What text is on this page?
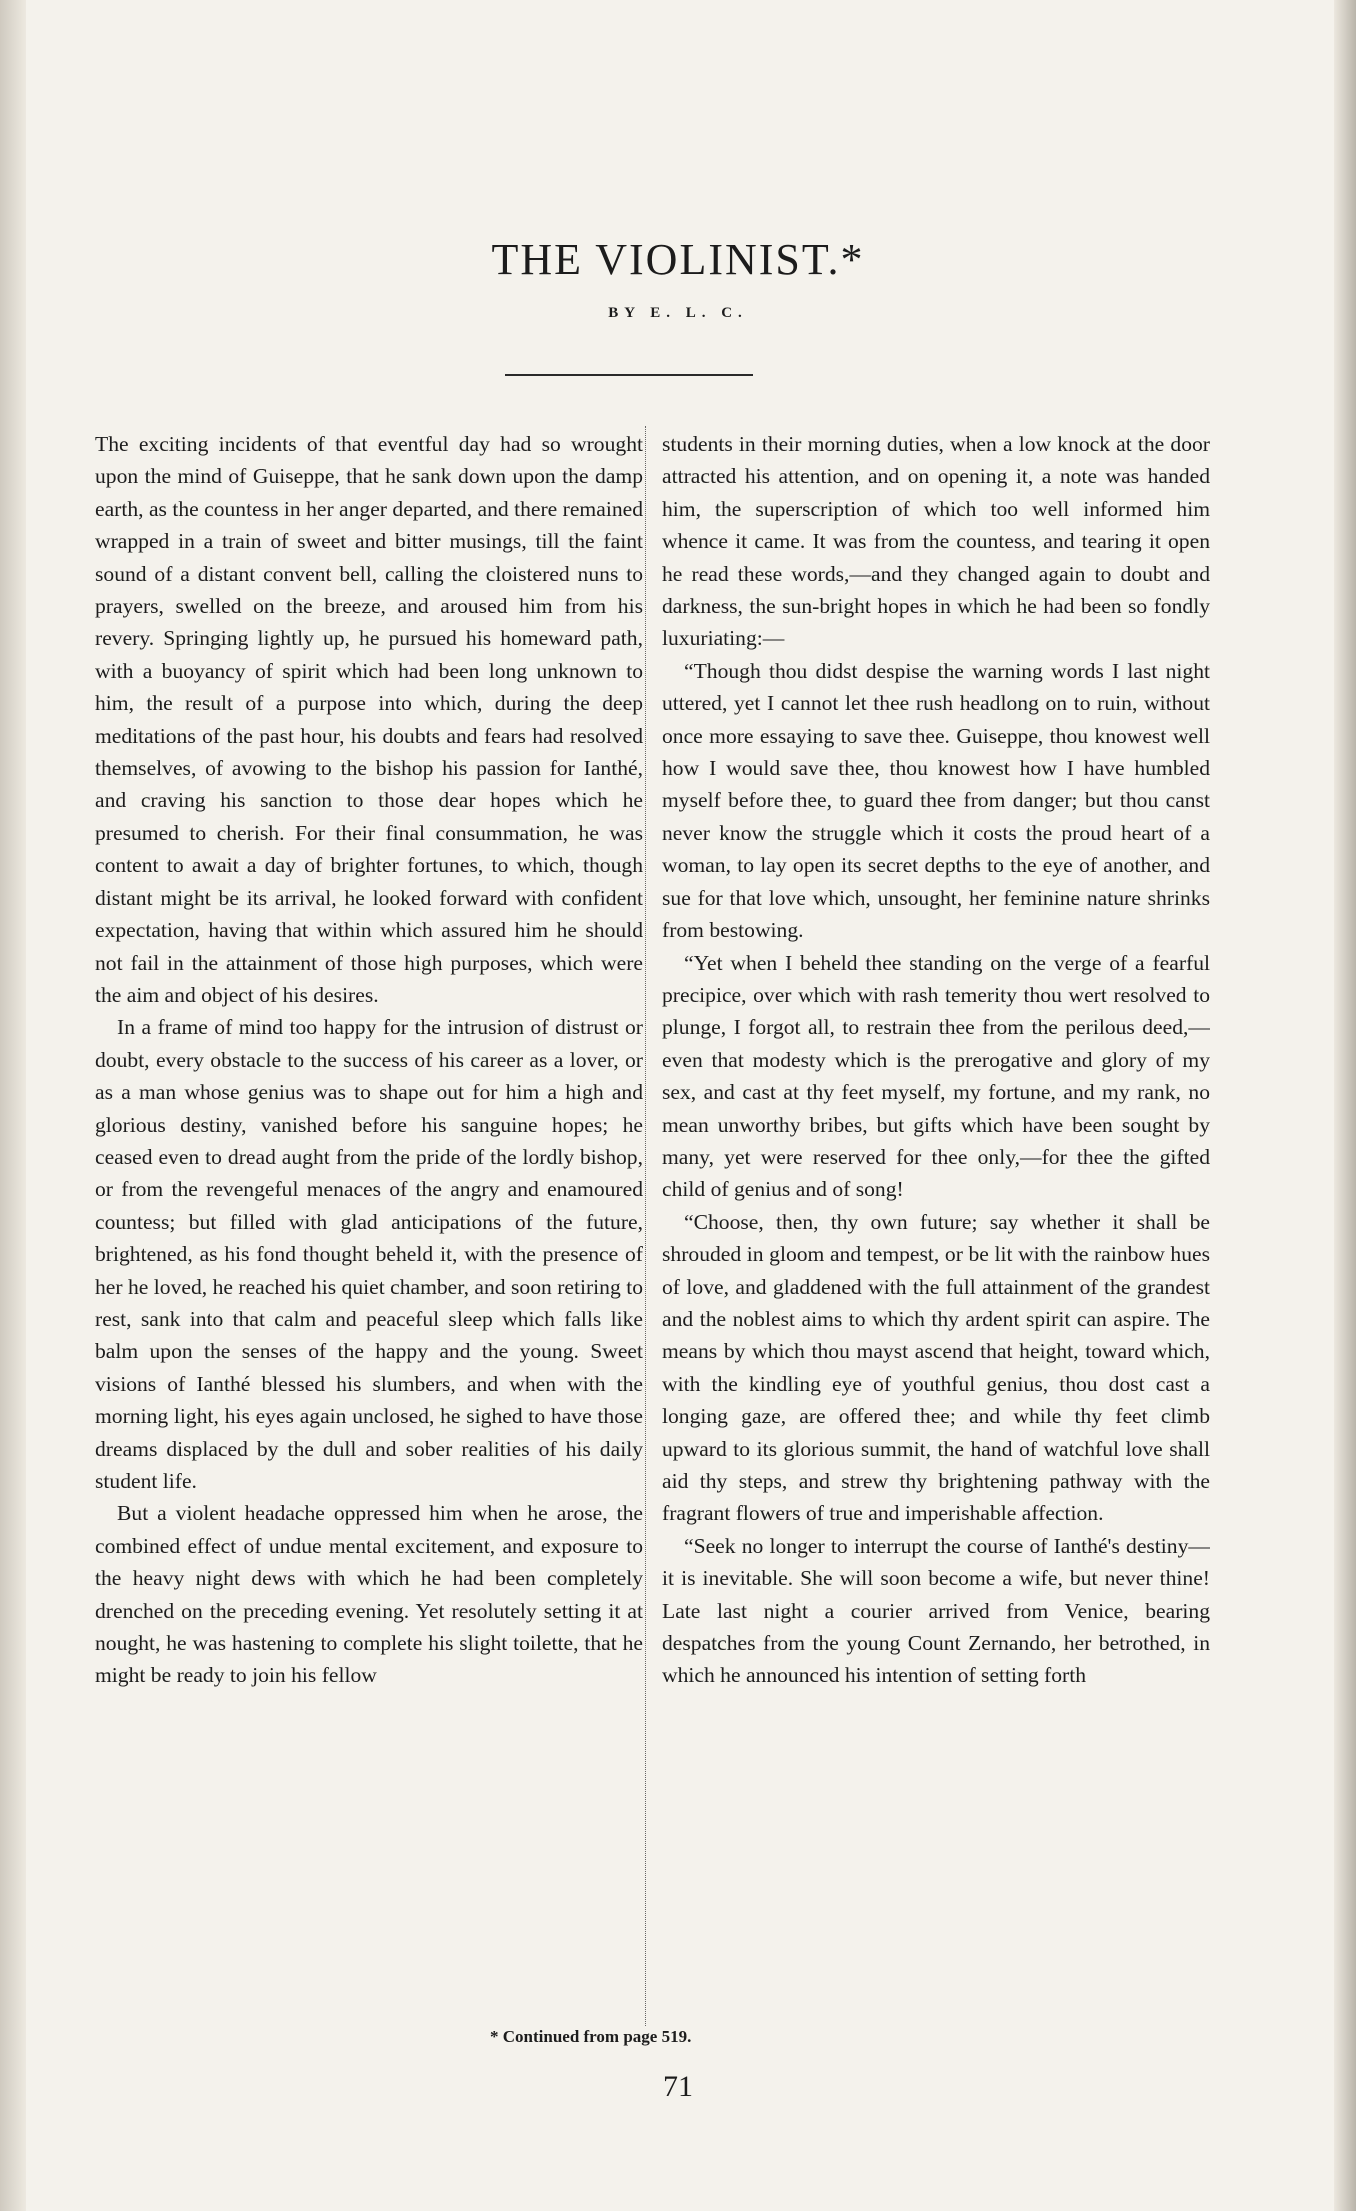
THE VIOLINIST.*
BY E. L. C.

The exciting incidents of that eventful day had so wrought upon the mind of Guiseppe, that he sank down upon the damp earth, as the countess in her anger departed, and there remained wrapped in a train of sweet and bitter musings, till the faint sound of a distant convent bell, calling the cloistered nuns to prayers, swelled on the breeze, and aroused him from his revery. Springing lightly up, he pursued his homeward path, with a buoyancy of spirit which had been long unknown to him, the result of a purpose into which, during the deep meditations of the past hour, his doubts and fears had resolved themselves, of avowing to the bishop his passion for Ianthé, and craving his sanction to those dear hopes which he presumed to cherish. For their final consummation, he was content to await a day of brighter fortunes, to which, though distant might be its arrival, he looked forward with confident expectation, having that within which assured him he should not fail in the attainment of those high purposes, which were the aim and object of his desires.

In a frame of mind too happy for the intrusion of distrust or doubt, every obstacle to the success of his career as a lover, or as a man whose genius was to shape out for him a high and glorious destiny, vanished before his sanguine hopes; he ceased even to dread aught from the pride of the lordly bishop, or from the revengeful menaces of the angry and enamoured countess; but filled with glad anticipations of the future, brightened, as his fond thought beheld it, with the presence of her he loved, he reached his quiet chamber, and soon retiring to rest, sank into that calm and peaceful sleep which falls like balm upon the senses of the happy and the young. Sweet visions of Ianthé blessed his slumbers, and when with the morning light, his eyes again unclosed, he sighed to have those dreams displaced by the dull and sober realities of his daily student life.

But a violent headache oppressed him when he arose, the combined effect of undue mental excitement, and exposure to the heavy night dews with which he had been completely drenched on the preceding evening. Yet resolutely setting it at nought, he was hastening to complete his slight toilette, that he might be ready to join his fellow

students in their morning duties, when a low knock at the door attracted his attention, and on opening it, a note was handed him, the superscription of which too well informed him whence it came. It was from the countess, and tearing it open he read these words,—and they changed again to doubt and darkness, the sun-bright hopes in which he had been so fondly luxuriating:—

“Though thou didst despise the warning words I last night uttered, yet I cannot let thee rush headlong on to ruin, without once more essaying to save thee. Guiseppe, thou knowest well how I would save thee, thou knowest how I have humbled myself before thee, to guard thee from danger; but thou canst never know the struggle which it costs the proud heart of a woman, to lay open its secret depths to the eye of another, and sue for that love which, unsought, her feminine nature shrinks from bestowing.

“Yet when I beheld thee standing on the verge of a fearful precipice, over which with rash temerity thou wert resolved to plunge, I forgot all, to restrain thee from the perilous deed,—even that modesty which is the prerogative and glory of my sex, and cast at thy feet myself, my fortune, and my rank, no mean unworthy bribes, but gifts which have been sought by many, yet were reserved for thee only,—for thee the gifted child of genius and of song!

“Choose, then, thy own future; say whether it shall be shrouded in gloom and tempest, or be lit with the rainbow hues of love, and gladdened with the full attainment of the grandest and the noblest aims to which thy ardent spirit can aspire. The means by which thou mayst ascend that height, toward which, with the kindling eye of youthful genius, thou dost cast a longing gaze, are offered thee; and while thy feet climb upward to its glorious summit, the hand of watchful love shall aid thy steps, and strew thy brightening pathway with the fragrant flowers of true and imperishable affection.

“Seek no longer to interrupt the course of Ianthé's destiny—it is inevitable. She will soon become a wife, but never thine! Late last night a courier arrived from Venice, bearing despatches from the young Count Zernando, her betrothed, in which he announced his intention of setting forth

* Continued from page 519.
71
